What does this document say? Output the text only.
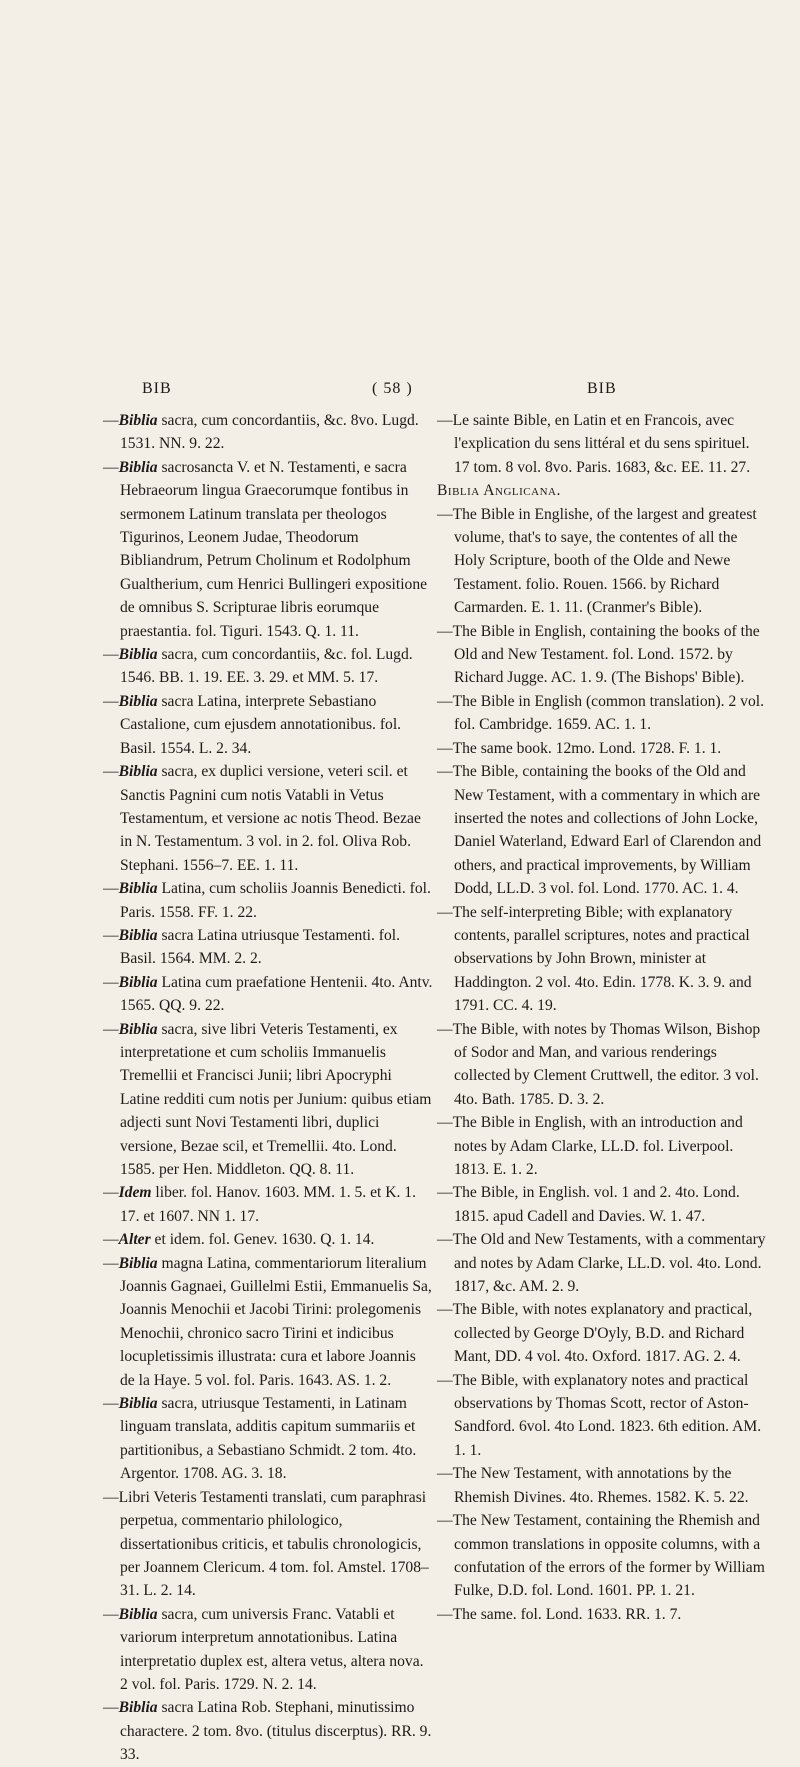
BIB	( 58 )	BIB

—Biblia sacra, cum concordantiis, &c. 8vo. Lugd. 1531. NN. 9. 22.

—Biblia sacrosancta V. et N. Testamenti, e sacra Hebraeorum lingua Graecorumque fontibus in sermonem Latinum translata per theologos Tigurinos, Leonem Judae, Theodorum Bibliandrum, Petrum Cholinum et Rodolphum Gualtherium, cum Henrici Bullingeri expositione de omnibus S. Scripturae libris eorumque praestantia. fol. Tiguri. 1543. Q. 1. 11.

—Biblia sacra, cum concordantiis, &c. fol. Lugd. 1546. BB. 1. 19. EE. 3. 29. et MM. 5. 17.

—Biblia sacra Latina, interprete Sebastiano Castalione, cum ejusdem annotationibus. fol. Basil. 1554. L. 2. 34.

—Biblia sacra, ex duplici versione, veteri scil. et Sanctis Pagnini cum notis Vatabli in Vetus Testamentum, et versione ac notis Theod. Bezae in N. Testamentum. 3 vol. in 2. fol. Oliva Rob. Stephani. 1556–7. EE. 1. 11.

—Biblia Latina, cum scholiis Joannis Benedicti. fol. Paris. 1558. FF. 1. 22.

—Biblia sacra Latina utriusque Testamenti. fol. Basil. 1564. MM. 2. 2.

—Biblia Latina cum praefatione Hentenii. 4to. Antv. 1565. QQ. 9. 22.

—Biblia sacra, sive libri Veteris Testamenti, ex interpretatione et cum scholiis Immanuelis Tremellii et Francisci Junii; libri Apocryphi Latine redditi cum notis per Junium: quibus etiam adjecti sunt Novi Testamenti libri, duplici versione, Bezae scil, et Tremellii. 4to. Lond. 1585. per Hen. Middleton. QQ. 8. 11.

—Idem liber. fol. Hanov. 1603. MM. 1. 5. et K. 1. 17. et 1607. NN 1. 17.

—Alter et idem. fol. Genev. 1630. Q. 1. 14.

—Biblia magna Latina, commentariorum literalium Joannis Gagnaei, Guillelmi Estii, Emmanuelis Sa, Joannis Menochii et Jacobi Tirini: prolegomenis Menochii, chronico sacro Tirini et indicibus locupletissimis illustrata: cura et labore Joannis de la Haye. 5 vol. fol. Paris. 1643. AS. 1. 2.

—Biblia sacra, utriusque Testamenti, in Latinam linguam translata, additis capitum summariis et partitionibus, a Sebastiano Schmidt. 2 tom. 4to. Argentor. 1708. AG. 3. 18.

—Libri Veteris Testamenti translati, cum paraphrasi perpetua, commentario philologico, dissertationibus criticis, et tabulis chronologicis, per Joannem Clericum. 4 tom. fol. Amstel. 1708–31. L. 2. 14.

—Biblia sacra, cum universis Franc. Vatabli et variorum interpretum annotationibus. Latina interpretatio duplex est, altera vetus, altera nova. 2 vol. fol. Paris. 1729. N. 2. 14.

—Biblia sacra Latina Rob. Stephani, minutissimo charactere. 2 tom. 8vo. (titulus discerptus). RR. 9. 33.

—Le sainte Bible, en Latin et en Francois, avec l'explication du sens littéral et du sens spirituel. 17 tom. 8 vol. 8vo. Paris. 1683, &c. EE. 11. 27.

Biblia Anglicana.

—The Bible in Englishe, of the largest and greatest volume, that's to saye, the contentes of all the Holy Scripture, booth of the Olde and Newe Testament. folio. Rouen. 1566. by Richard Carmarden. E. 1. 11. (Cranmer's Bible).

—The Bible in English, containing the books of the Old and New Testament. fol. Lond. 1572. by Richard Jugge. AC. 1. 9. (The Bishops' Bible).

—The Bible in English (common translation). 2 vol. fol. Cambridge. 1659. AC. 1. 1.

—The same book. 12mo. Lond. 1728. F. 1. 1.

—The Bible, containing the books of the Old and New Testament, with a commentary in which are inserted the notes and collections of John Locke, Daniel Waterland, Edward Earl of Clarendon and others, and practical improvements, by William Dodd, LL.D. 3 vol. fol. Lond. 1770. AC. 1. 4.

—The self-interpreting Bible; with explanatory contents, parallel scriptures, notes and practical observations by John Brown, minister at Haddington. 2 vol. 4to. Edin. 1778. K. 3. 9. and 1791. CC. 4. 19.

—The Bible, with notes by Thomas Wilson, Bishop of Sodor and Man, and various renderings collected by Clement Cruttwell, the editor. 3 vol. 4to. Bath. 1785. D. 3. 2.

—The Bible in English, with an introduction and notes by Adam Clarke, LL.D. fol. Liverpool. 1813. E. 1. 2.

—The Bible, in English. vol. 1 and 2. 4to. Lond. 1815. apud Cadell and Davies. W. 1. 47.

—The Old and New Testaments, with a commentary and notes by Adam Clarke, LL.D. vol. 4to. Lond. 1817, &c. AM. 2. 9.

—The Bible, with notes explanatory and practical, collected by George D'Oyly, B.D. and Richard Mant, DD. 4 vol. 4to. Oxford. 1817. AG. 2. 4.

—The Bible, with explanatory notes and practical observations by Thomas Scott, rector of Aston-Sandford. 6vol. 4to Lond. 1823. 6th edition. AM. 1. 1.

—The New Testament, with annotations by the Rhemish Divines. 4to. Rhemes. 1582. K. 5. 22.

—The New Testament, containing the Rhemish and common translations in opposite columns, with a confutation of the errors of the former by William Fulke, D.D. fol. Lond. 1601. PP. 1. 21.

—The same. fol. Lond. 1633. RR. 1. 7.
